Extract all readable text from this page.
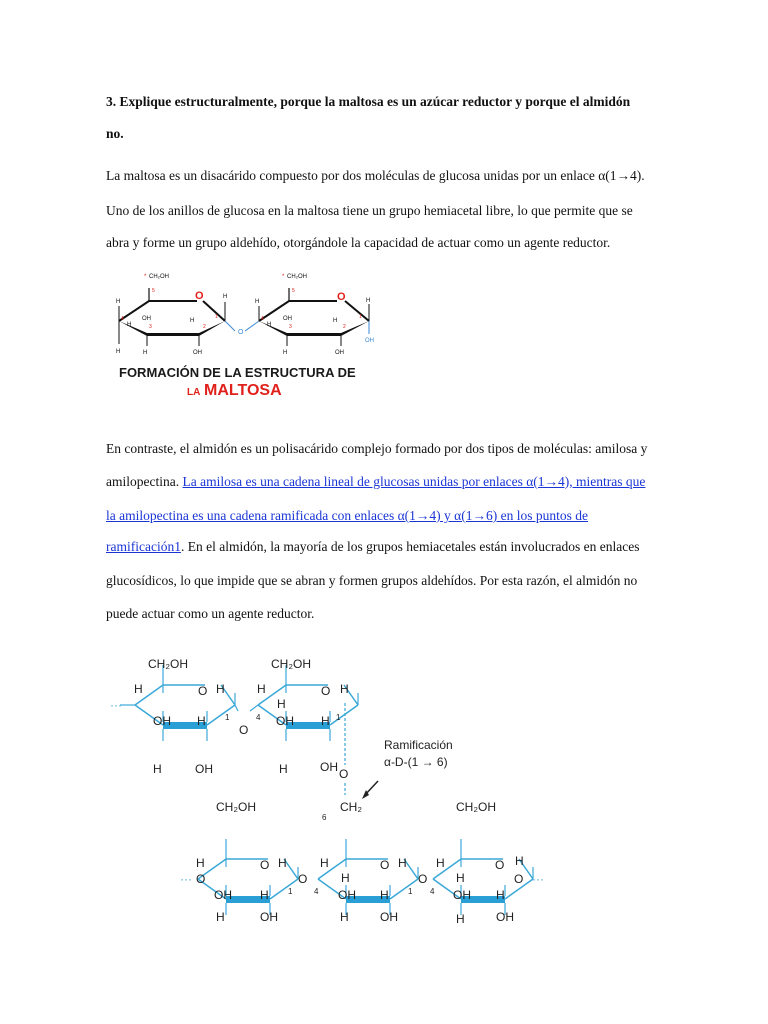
3. Explique estructuralmente, porque la maltosa es un azúcar reductor y porque el almidón
no.
La maltosa es un disacárido compuesto por dos moléculas de glucosa unidas por un enlace α(1→4).
Uno de los anillos de glucosa en la maltosa tiene un grupo hemiacetal libre, lo que permite que se
abra y forme un grupo aldehído, otorgándole la capacidad de actuar como un agente reductor.
* CH₂OH
O
H
H	H	OH
OH
H
H
H
5
4
3	2
1
O
* CH₂OH
O
H	H
H	OH
OH
H
H
OH
5
4
3	2
1
FORMACIÓN DE LA ESTRUCTURA DE
LA MALTOSA
En contraste, el almidón es un polisacárido complejo formado por dos tipos de moléculas: amilosa y
amilopectina. La amilosa es una cadena lineal de glucosas unidas por enlaces α(1→4), mientras que
la amilopectina es una cadena ramificada con enlaces α(1→4) y α(1→6) en los puntos de
ramificación1. En el almidón, la mayoría de los grupos hemiacetales están involucrados en enlaces
glucosídicos, lo que impide que se abran y formen grupos aldehídos. Por esta razón, el almidón no
puede actuar como un agente reductor.
···
O
CH₂OH	CH₂OH
O	O
H	H	H	H
OH H 1	4
H
OH H 1
H	OH	H	OH O
Ramificación
α-D-(1 → 6)
···	···
O	O	O	O
CH₂OH	CH₂
6
CH₂OH
O	O	O
H	H	H	H H	H
OH H	OH H	OH H
H	H
1	4	1 4
H	OH	H	OH	H	OH
